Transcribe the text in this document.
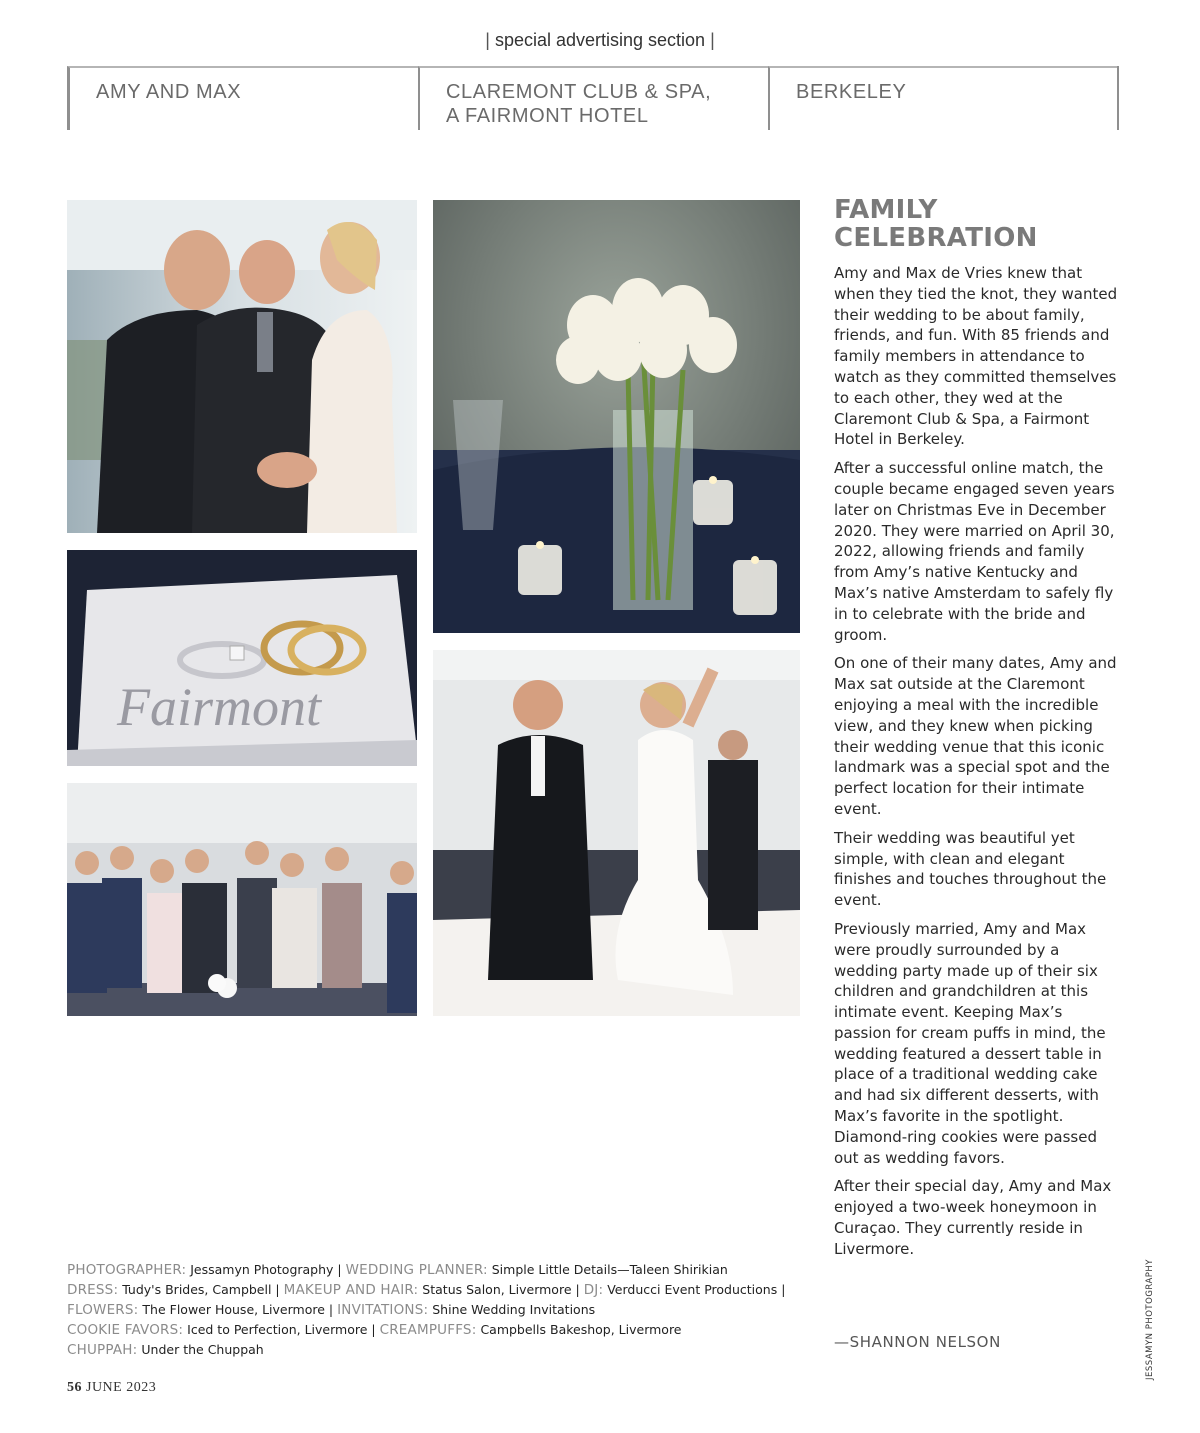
| special advertising section |
AMY AND MAX	CLAREMONT CLUB & SPA,
A FAIRMONT HOTEL
BERKELEY
Fairmont
FAMILY
CELEBRATION

Amy and Max de Vries knew that when they tied the knot, they wanted their wedding to be about family, friends, and fun. With 85 friends and family members in attendance to watch as they committed themselves to each other, they wed at the Claremont Club & Spa, a Fairmont Hotel in Berkeley.

After a successful online match, the couple became engaged seven years later on Christmas Eve in December 2020. They were married on April 30, 2022, allowing friends and family from Amy’s native Kentucky and Max’s native Amsterdam to safely fly in to celebrate with the bride and groom.

On one of their many dates, Amy and Max sat outside at the Claremont enjoying a meal with the incredible view, and they knew when picking their wedding venue that this iconic landmark was a special spot and the perfect location for their intimate event.

Their wedding was beautiful yet simple, with clean and elegant finishes and touches throughout the event.

Previously married, Amy and Max were proudly surrounded by a wedding party made up of their six children and grandchildren at this intimate event. Keeping Max’s passion for cream puffs in mind, the wedding featured a dessert table in place of a traditional wedding cake and had six different desserts, with Max’s favorite in the spotlight. Diamond-ring cookies were passed out as wedding favors.

After their special day, Amy and Max enjoyed a two-week honeymoon in Curaçao. They currently reside in Livermore.

—SHANNON NELSON
PHOTOGRAPHER: Jessamyn Photography | WEDDING PLANNER: Simple Little Details—Taleen Shirikian
DRESS: Tudy's Brides, Campbell | MAKEUP AND HAIR: Status Salon, Livermore | DJ: Verducci Event Productions | FLOWERS: The Flower House, Livermore | INVITATIONS: Shine Wedding Invitations
COOKIE FAVORS: Iced to Perfection, Livermore | CREAMPUFFS: Campbells Bakeshop, Livermore
CHUPPAH: Under the Chuppah	JESSAMYN PHOTOGRAPHY
56 JUNE 2023
